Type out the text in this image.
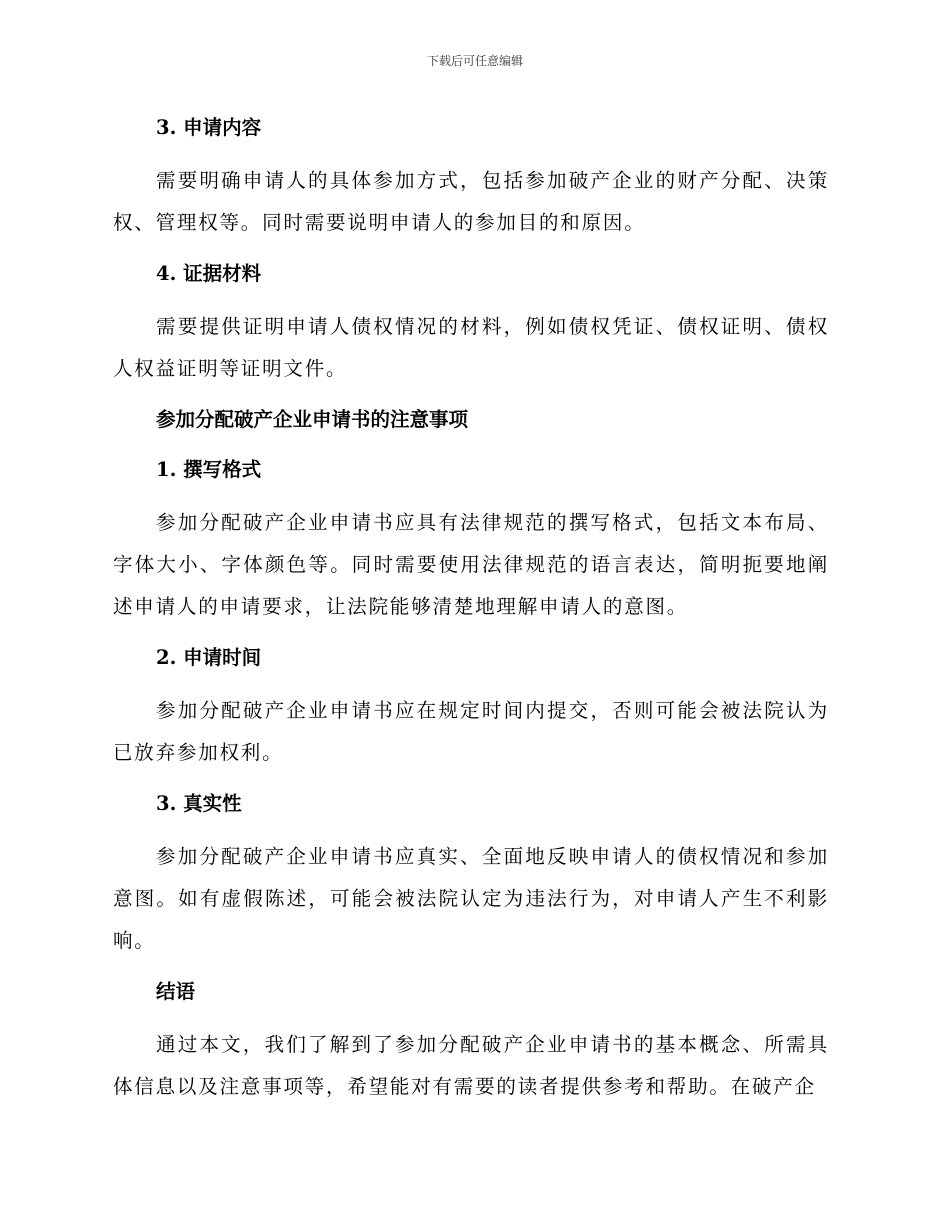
下载后可任意编辑
3. 申请内容

需要明确申请人的具体参加方式，包括参加破产企业的财产分配、决策权、管理权等。同时需要说明申请人的参加目的和原因。

4. 证据材料

需要提供证明申请人债权情况的材料，例如债权凭证、债权证明、债权人权益证明等证明文件。

参加分配破产企业申请书的注意事项
1. 撰写格式

参加分配破产企业申请书应具有法律规范的撰写格式，包括文本布局、字体大小、字体颜色等。同时需要使用法律规范的语言表达，简明扼要地阐述申请人的申请要求，让法院能够清楚地理解申请人的意图。

2. 申请时间

参加分配破产企业申请书应在规定时间内提交，否则可能会被法院认为已放弃参加权利。

3. 真实性

参加分配破产企业申请书应真实、全面地反映申请人的债权情况和参加意图。如有虚假陈述，可能会被法院认定为违法行为，对申请人产生不利影响。

结语

通过本文，我们了解到了参加分配破产企业申请书的基本概念、所需具体信息以及注意事项等，希望能对有需要的读者提供参考和帮助。在破产企
